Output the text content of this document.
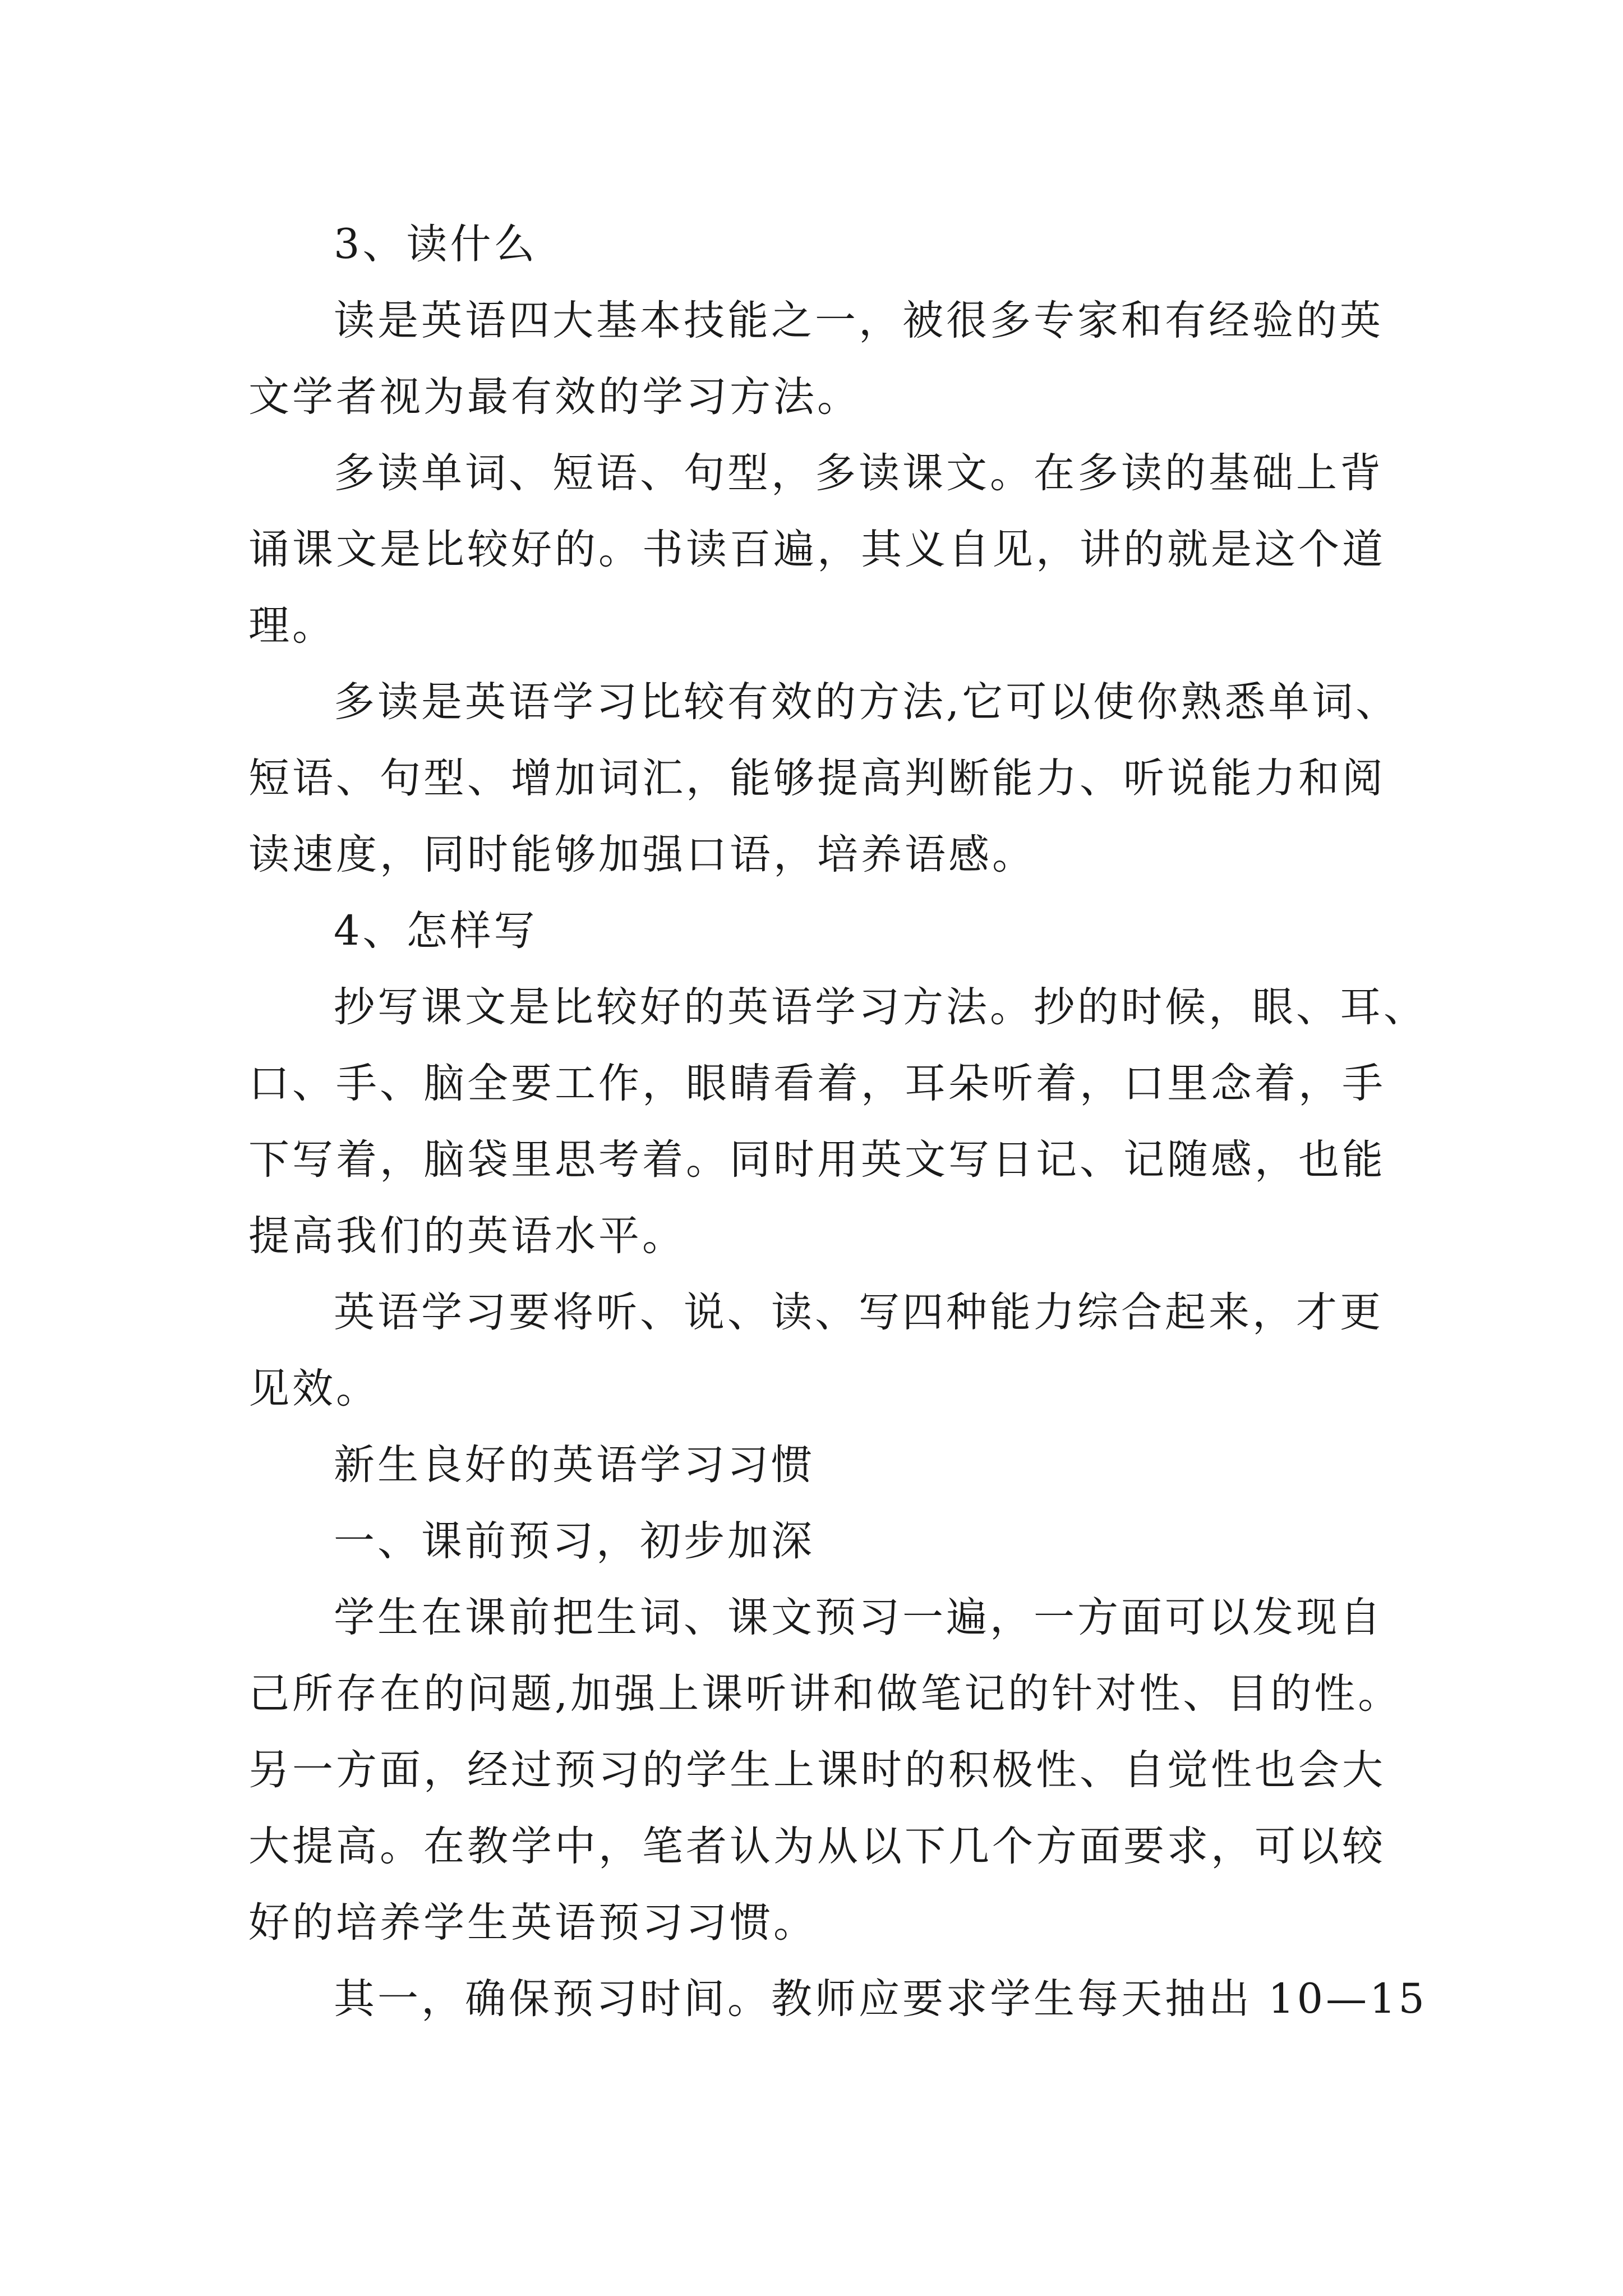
3、读什么

读是英语四大基本技能之一，被很多专家和有经验的英

文学者视为最有效的学习方法。

多读单词、短语、句型，多读课文。在多读的基础上背

诵课文是比较好的。书读百遍，其义自见，讲的就是这个道

理。

多读是英语学习比较有效的方法,它可以使你熟悉单词、

短语、句型、增加词汇，能够提高判断能力、听说能力和阅

读速度，同时能够加强口语，培养语感。

4、怎样写

抄写课文是比较好的英语学习方法。抄的时候，眼、耳、

口、手、脑全要工作，眼睛看着，耳朵听着，口里念着，手

下写着，脑袋里思考着。同时用英文写日记、记随感，也能

提高我们的英语水平。

英语学习要将听、说、读、写四种能力综合起来，才更

见效。

新生良好的英语学习习惯

一、课前预习，初步加深

学生在课前把生词、课文预习一遍，一方面可以发现自

己所存在的问题,加强上课听讲和做笔记的针对性、目的性。

另一方面，经过预习的学生上课时的积极性、自觉性也会大

大提高。在教学中，笔者认为从以下几个方面要求，可以较

好的培养学生英语预习习惯。

其一，确保预习时间。教师应要求学生每天抽出 10—15
